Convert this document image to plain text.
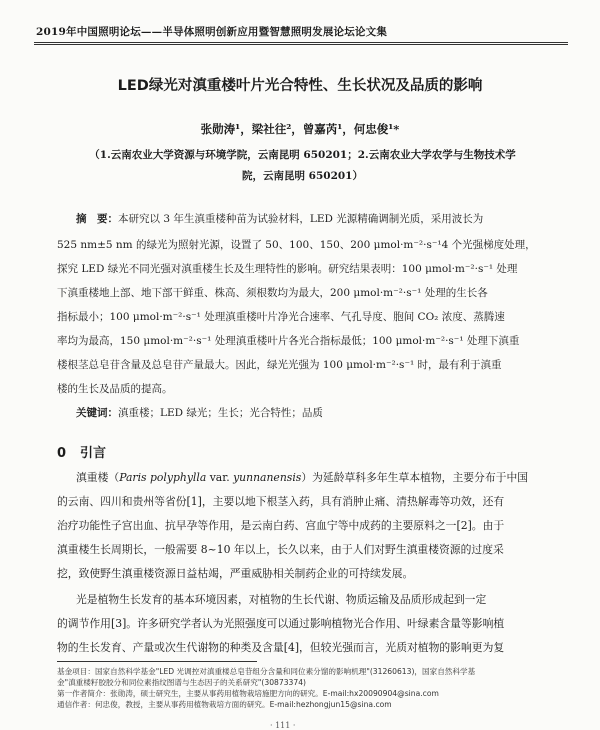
2019年中国照明论坛——半导体照明创新应用暨智慧照明发展论坛论文集
LED绿光对滇重楼叶片光合特性、生长状况及品质的影响
张勋涛¹，梁社往²，曾嘉芮¹，何忠俊¹*
（1.云南农业大学资源与环境学院，云南昆明 650201；2.云南农业大学农学与生物技术学
院，云南昆明 650201）
摘　要：本研究以 3 年生滇重楼种苗为试验材料，LED 光源精确调制光质，采用波长为
525 nm±5 nm 的绿光为照射光源，设置了 50、100、150、200 μmol·m⁻²·s⁻¹4 个光强梯度处理，
探究 LED 绿光不同光强对滇重楼生长及生理特性的影响。研究结果表明：100 μmol·m⁻²·s⁻¹ 处理
下滇重楼地上部、地下部干鲜重、株高、须根数均为最大，200 μmol·m⁻²·s⁻¹ 处理的生长各
指标最小；100 μmol·m⁻²·s⁻¹ 处理滇重楼叶片净光合速率、气孔导度、胞间 CO₂ 浓度、蒸腾速
率均为最高，150 μmol·m⁻²·s⁻¹ 处理滇重楼叶片各光合指标最低；100 μmol·m⁻²·s⁻¹ 处理下滇重
楼根茎总皂苷含量及总皂苷产量最大。因此，绿光光强为 100 μmol·m⁻²·s⁻¹ 时，最有利于滇重
楼的生长及品质的提高。
关键词：滇重楼；LED 绿光；生长；光合特性；品质
0 引言
滇重楼（Paris polyphylla var. yunnanensis）为延龄草科多年生草本植物，主要分布于中国
的云南、四川和贵州等省份[1]，主要以地下根茎入药，具有消肿止痛、清热解毒等功效，还有
治疗功能性子宫出血、抗早孕等作用，是云南白药、宫血宁等中成药的主要原料之一[2]。由于
滇重楼生长周期长，一般需要 8~10 年以上，长久以来，由于人们对野生滇重楼资源的过度采
挖，致使野生滇重楼资源日益枯竭，严重威胁相关制药企业的可持续发展。
光是植物生长发育的基本环境因素，对植物的生长代谢、物质运输及品质形成起到一定
的调节作用[3]。许多研究学者认为光照强度可以通过影响植物光合作用、叶绿素含量等影响植
物的生长发育、产量或次生代谢物的种类及含量[4]，但较光强而言，光质对植物的影响更为复
基金项目：国家自然科学基金"LED 光调控对滇重楼总皂苷组分含量和同位素分馏的影响机理"(31260613)，国家自然科学基
金"滇重楼籽胶胶分和同位素指纹图谱与生态因子的关系研究"(30873374)
第一作者简介：张勋涛，硕士研究生，主要从事药用植物栽培施肥方向的研究。E-mail:hx20090904@sina.com
通信作者：何忠俊，教授，主要从事药用植物栽培方面的研究。E-mail:hezhongjun15@sina.com
· 111 ·
